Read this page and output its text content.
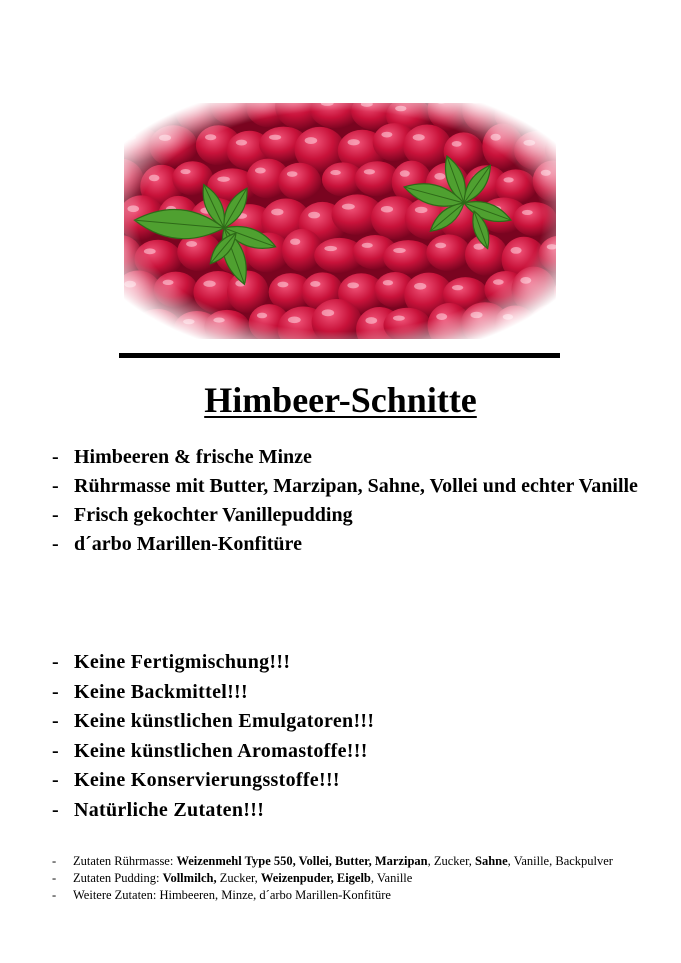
Himbeer-Schnitte
- Himbeeren & frische Minze
- Rührmasse mit Butter, Marzipan, Sahne, Vollei und echter Vanille
- Frisch gekochter Vanillepudding
- d´arbo Marillen-Konfitüre
- Keine Fertigmischung!!!
- Keine Backmittel!!!
- Keine künstlichen Emulgatoren!!!
- Keine künstlichen Aromastoffe!!!
- Keine Konservierungsstoffe!!!
- Natürliche Zutaten!!!
- Zutaten Rührmasse: Weizenmehl Type 550, Vollei, Butter, Marzipan, Zucker, Sahne, Vanille, Backpulver
- Zutaten Pudding: Vollmilch, Zucker, Weizenpuder, Eigelb, Vanille
- Weitere Zutaten: Himbeeren, Minze, d´arbo Marillen-Konfitüre
